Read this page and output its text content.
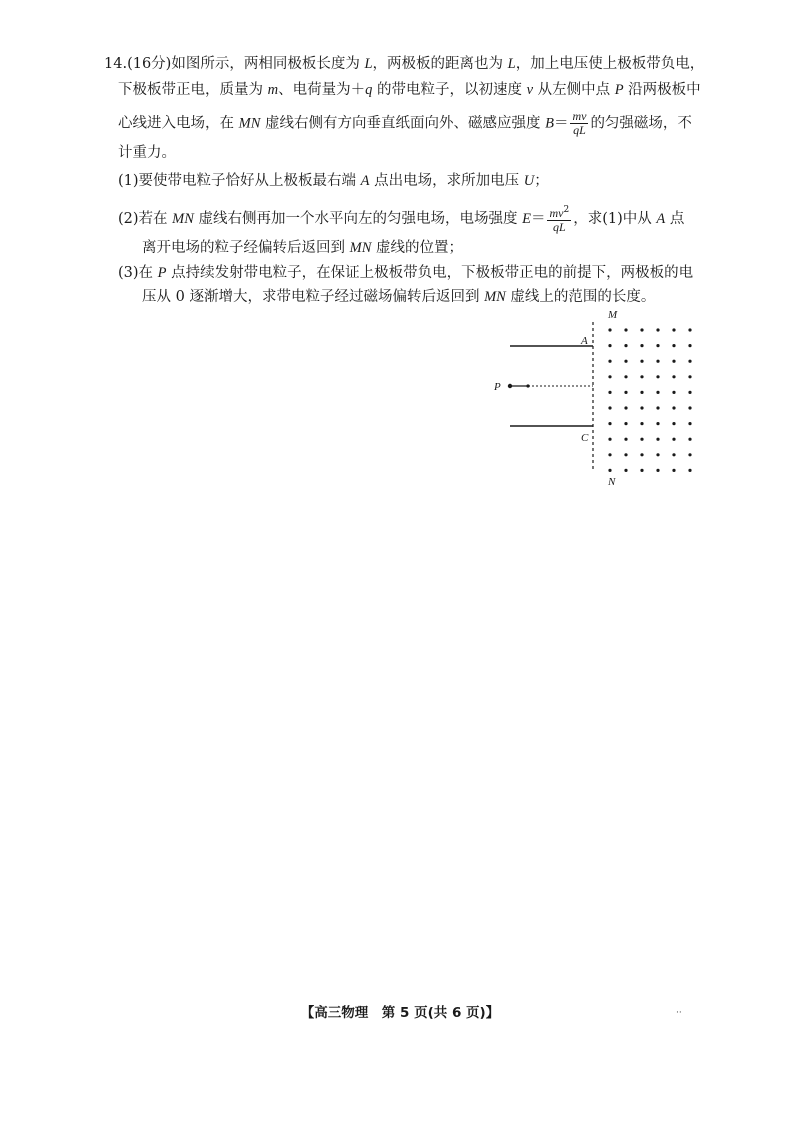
14.(16分)如图所示，两相同极板长度为 L，两极板的距离也为 L，加上电压使上极板带负电，
下极板带正电，质量为 m、电荷量为＋q 的带电粒子，以初速度 v 从左侧中点 P 沿两极板中
心线进入电场，在 MN 虚线右侧有方向垂直纸面向外、磁感应强度 $B= \frac{mv}{qL}$ 的匀强磁场，不
计重力。
(1)要使带电粒子恰好从上极板最右端 A 点出电场，求所加电压 U；
(2)若在 MN 虚线右侧再加一个水平向左的匀强电场，电场强度 $E= \frac{mv^2}{qL}$ ，求(1)中从 A 点
离开电场的粒子经偏转后返回到 MN 虚线的位置；
(3)在 P 点持续发射带电粒子，在保证上极板带负电，下极板带正电的前提下，两极板的电
压从 0 逐渐增大，求带电粒子经过磁场偏转后返回到 MN 虚线上的范围的长度。
M
N
A
C
P
【高三物理　第 5 页(共 6 页)】	··
